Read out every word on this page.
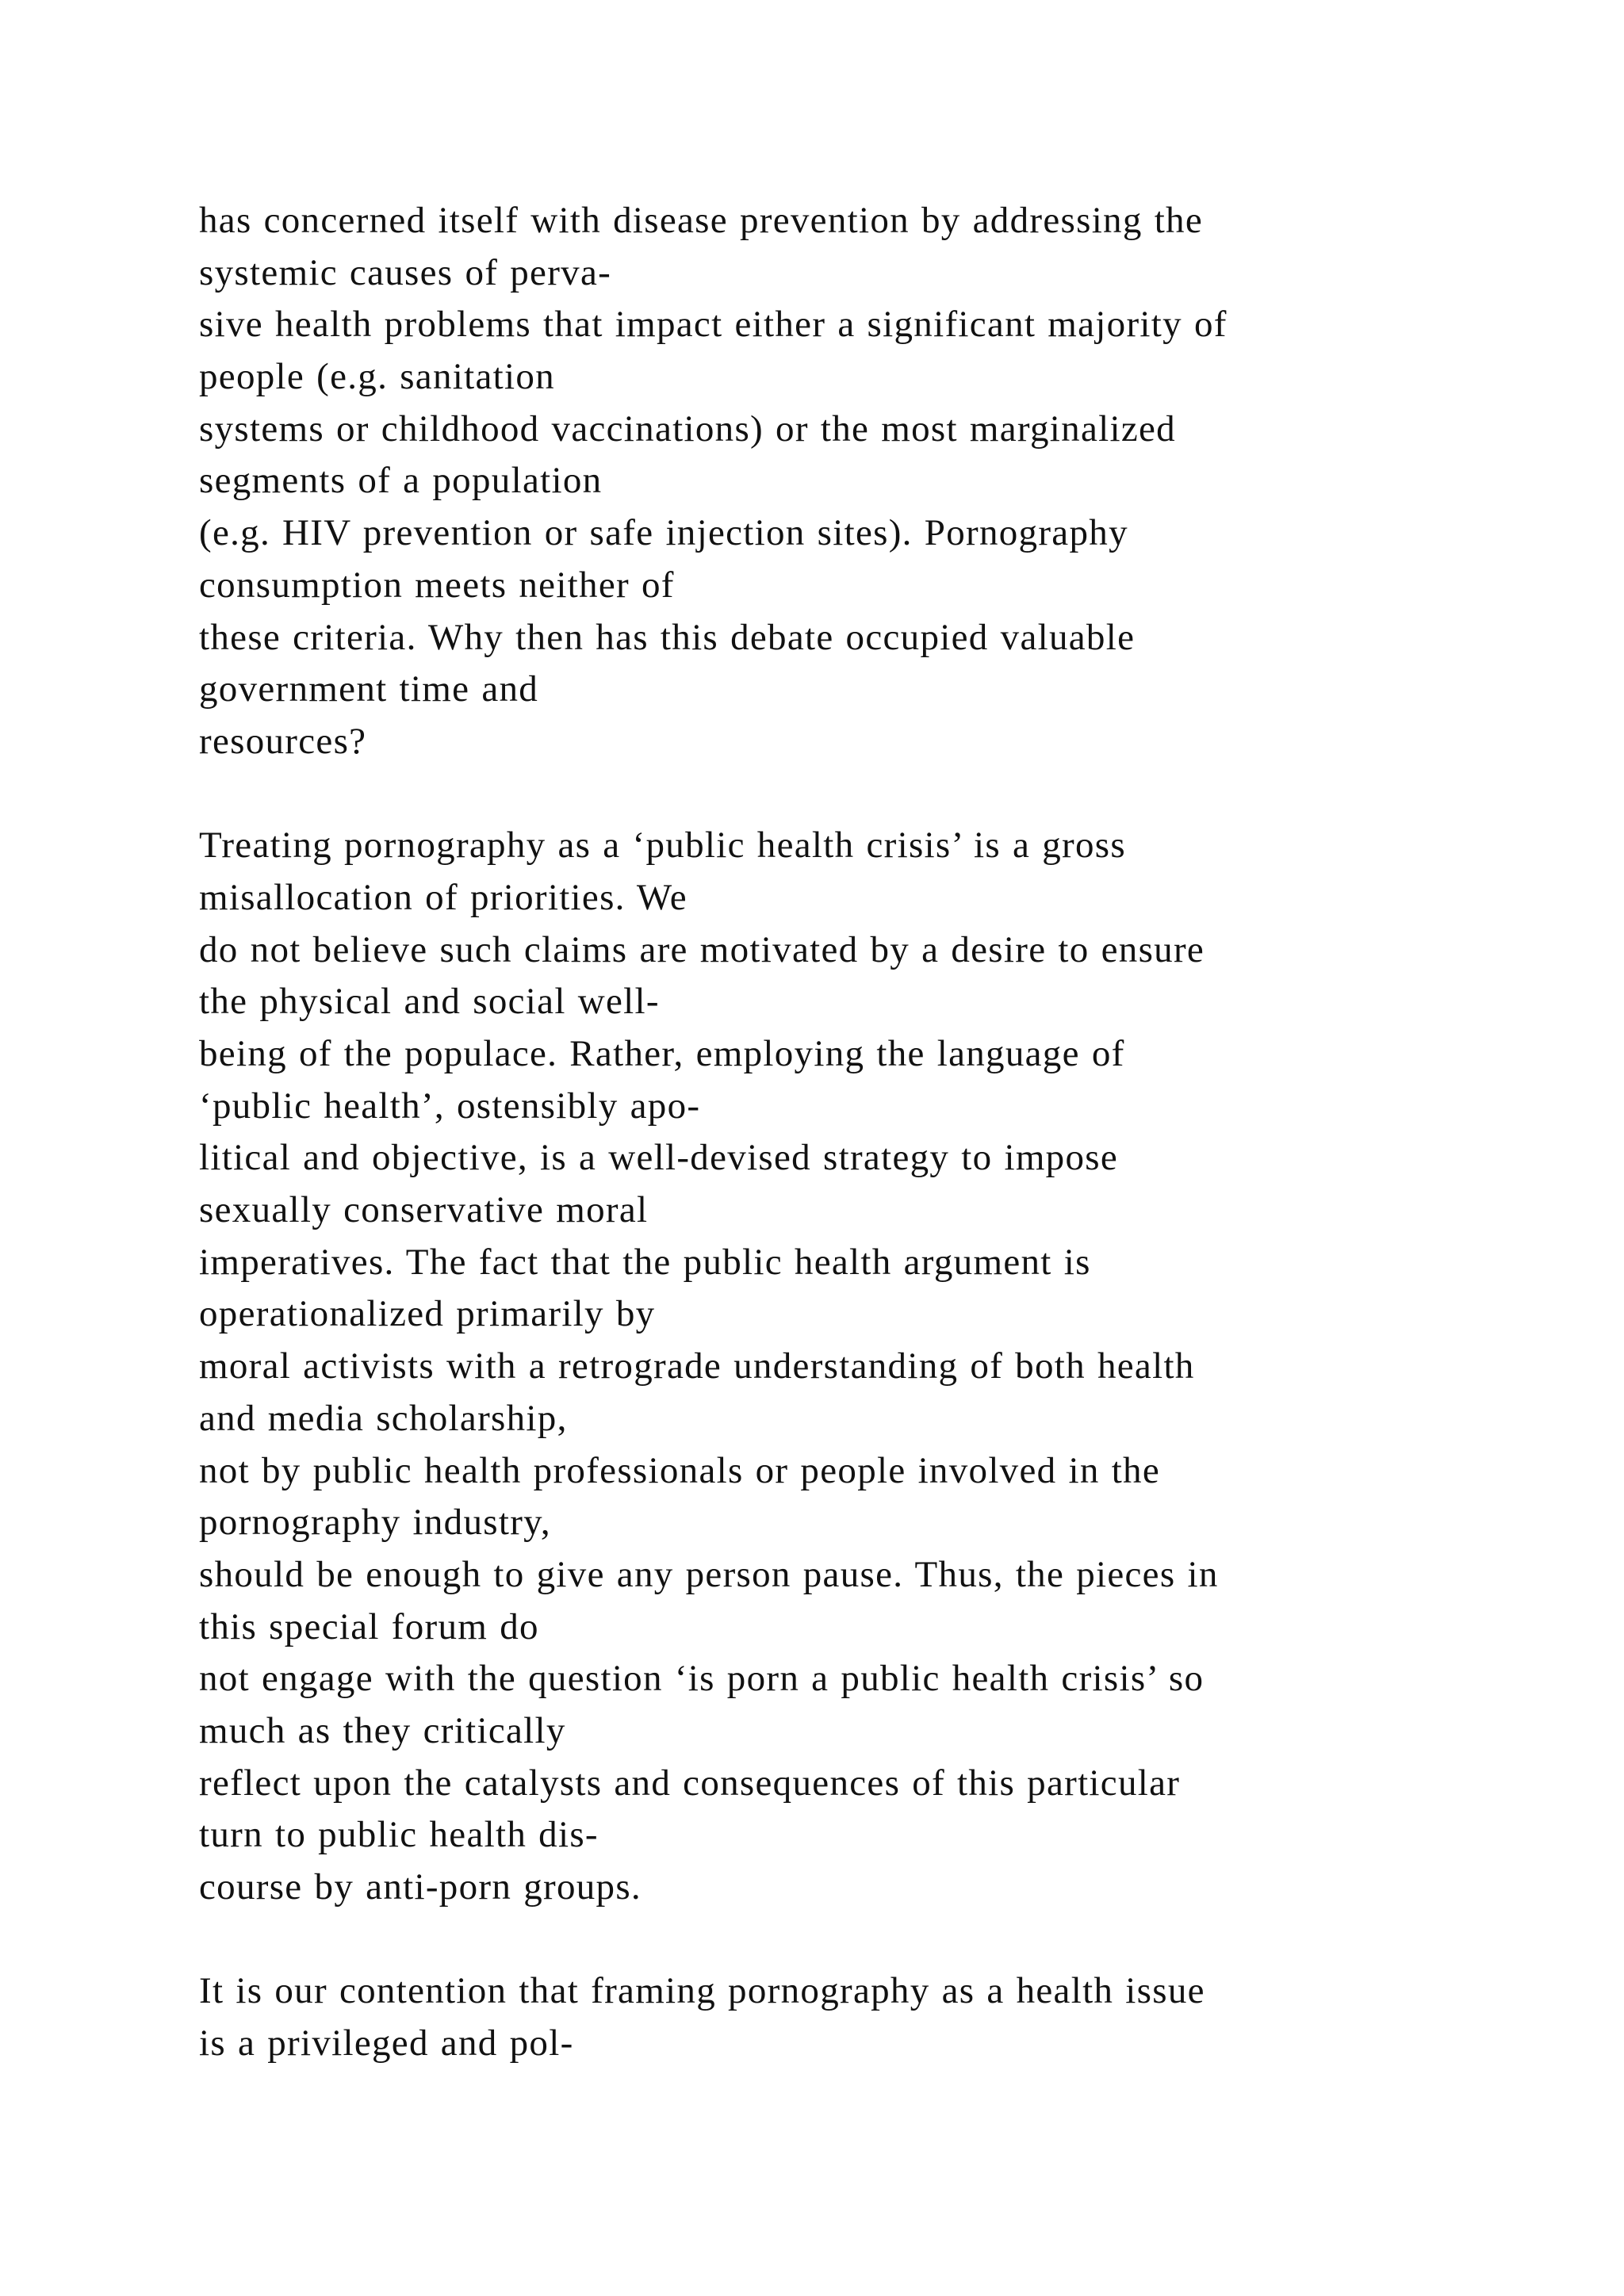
has concerned itself with disease prevention by addressing the
systemic causes of perva-
sive health problems that impact either a significant majority of
people (e.g. sanitation
systems or childhood vaccinations) or the most marginalized
segments of a population
(e.g. HIV prevention or safe injection sites). Pornography
consumption meets neither of
these criteria. Why then has this debate occupied valuable
government time and
resources?
Treating pornography as a ‘public health crisis’ is a gross
misallocation of priorities. We
do not believe such claims are motivated by a desire to ensure
the physical and social well-
being of the populace. Rather, employing the language of
‘public health’, ostensibly apo-
litical and objective, is a well-devised strategy to impose
sexually conservative moral
imperatives. The fact that the public health argument is
operationalized primarily by
moral activists with a retrograde understanding of both health
and media scholarship,
not by public health professionals or people involved in the
pornography industry,
should be enough to give any person pause. Thus, the pieces in
this special forum do
not engage with the question ‘is porn a public health crisis’ so
much as they critically
reflect upon the catalysts and consequences of this particular
turn to public health dis-
course by anti-porn groups.
It is our contention that framing pornography as a health issue
is a privileged and pol-
